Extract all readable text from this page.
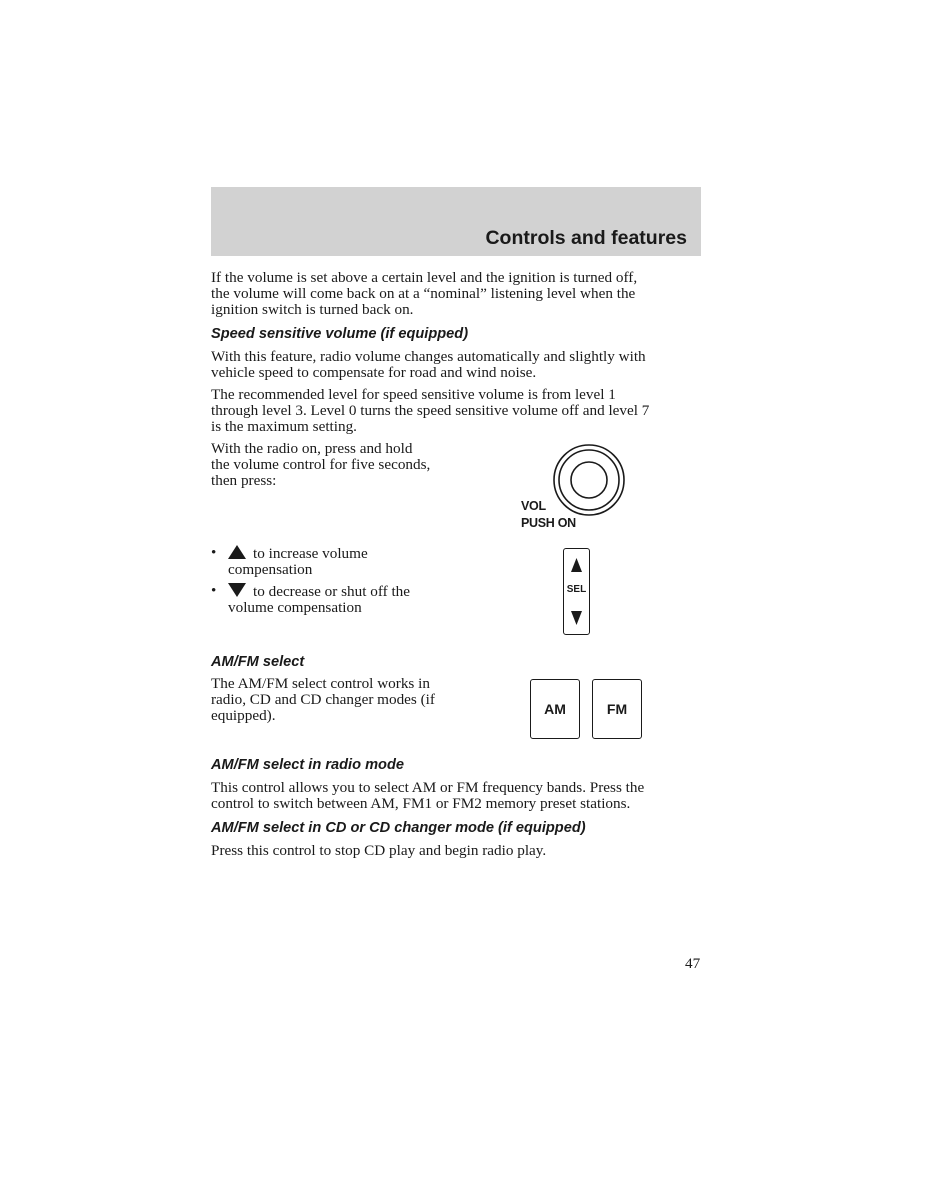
Controls and features
If the volume is set above a certain level and the ignition is turned off,
the volume will come back on at a “nominal” listening level when the
ignition switch is turned back on.
Speed sensitive volume (if equipped)
With this feature, radio volume changes automatically and slightly with
vehicle speed to compensate for road and wind noise.
The recommended level for speed sensitive volume is from level 1
through level 3. Level 0 turns the speed sensitive volume off and level 7
is the maximum setting.
With the radio on, press and hold
the volume control for five seconds,
then press:
VOL
PUSH ON
•	to increase volume
compensation
•	to decrease or shut off the
volume compensation
SEL
AM/FM select
The AM/FM select control works in
radio, CD and CD changer modes (if
equipped).	AM	FM
AM/FM select in radio mode
This control allows you to select AM or FM frequency bands. Press the
control to switch between AM, FM1 or FM2 memory preset stations.
AM/FM select in CD or CD changer mode (if equipped)
Press this control to stop CD play and begin radio play.
47
